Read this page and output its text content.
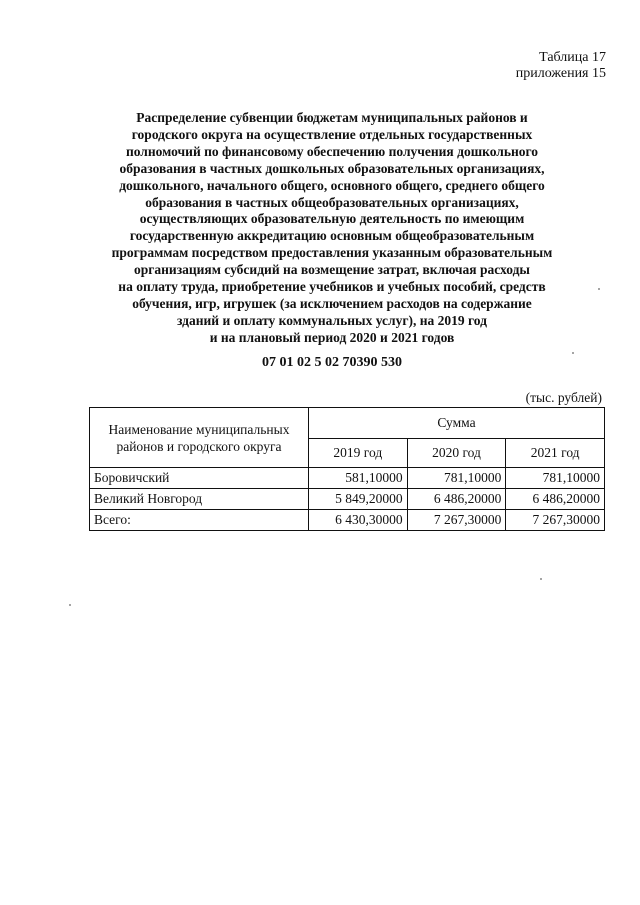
Таблица 17
приложения 15
Распределение субвенции бюджетам муниципальных районов и
городского округа на осуществление отдельных государственных
полномочий по финансовому обеспечению получения дошкольного
образования в частных дошкольных образовательных организациях,
дошкольного, начального общего, основного общего, среднего общего
образования в частных общеобразовательных организациях,
осуществляющих образовательную деятельность по имеющим
государственную аккредитацию основным общеобразовательным
программам посредством предоставления указанным образовательным
организациям субсидий на возмещение затрат, включая расходы
на оплату труда, приобретение учебников и учебных пособий, средств
обучения, игр, игрушек (за исключением расходов на содержание
зданий и оплату коммунальных услуг), на 2019 год
и на плановый период 2020 и 2021 годов
07 01 02 5 02 70390 530
(тыс. рублей)
Наименование муниципальных
районов и городского округа	Сумма		
	2019 год	2020 год	2021 год
Боровичский	581,10000	781,10000	781,10000
Великий Новгород	5 849,20000	6 486,20000	6 486,20000
Всего:	6 430,30000	7 267,30000	7 267,30000
